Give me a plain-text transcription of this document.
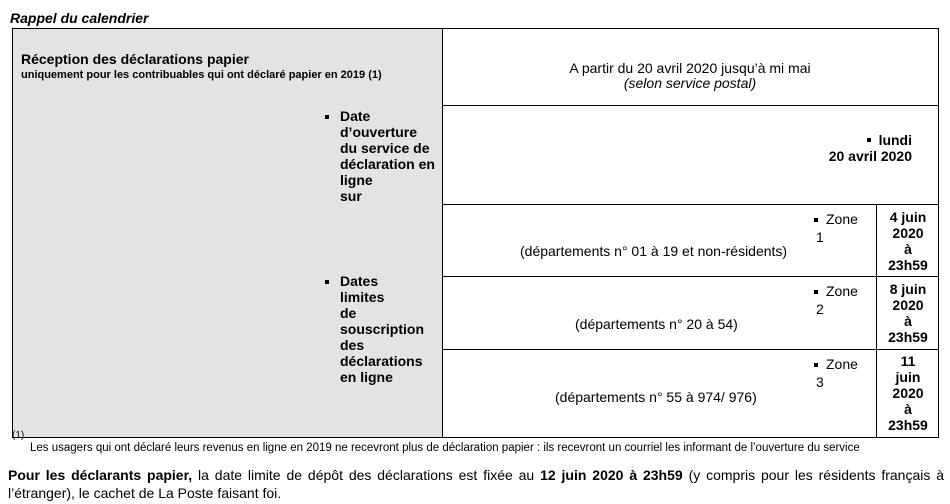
Rappel du calendrier
Réception des déclarations papier
uniquement pour les contribuables qui ont déclaré papier en 2019 (1)	A partir du 20 avril 2020 jusqu’à mi mai
(selon service postal)
Date
d’ouverture
du service de
déclaration en
ligne sur
lundi
20 avril 2020
Dates limites
de
souscription
des
déclarations
en ligne
(départements n° 01 à 19 et non-résidents)
Zone
1
4 juin
2020
à
23h59
(départements n° 20 à 54)
Zone
2
8 juin
2020
à
23h59
(départements n° 55 à 974/ 976)
Zone
3
11
juin
2020
à
23h59
(1)
Les usagers qui ont déclaré leurs revenus en ligne en 2019 ne recevront plus de déclaration papier : ils recevront un courriel les informant de l’ouverture du service
Pour les déclarants papier, la date limite de dépôt des déclarations est fixée au 12 juin 2020 à 23h59 (y compris pour les résidents français à l’étranger), le cachet de La Poste faisant foi.
